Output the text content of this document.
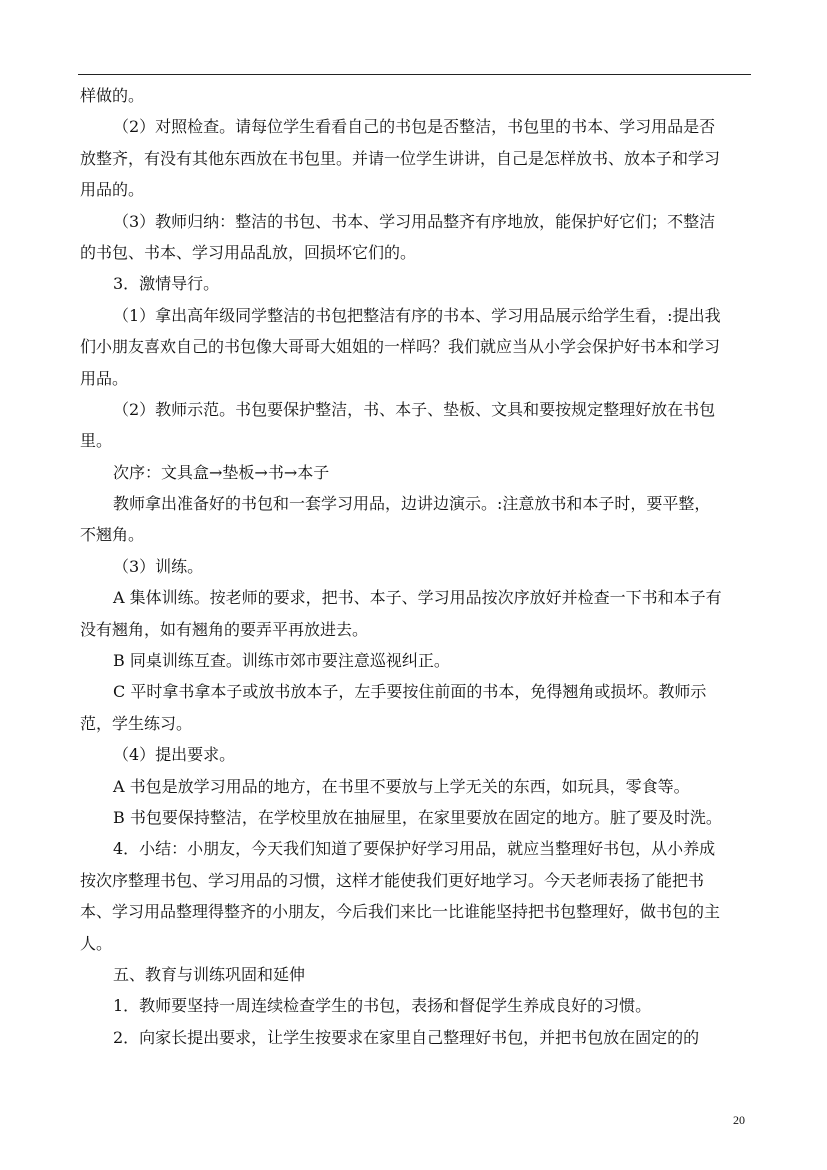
样做的。
（2）对照检查。请每位学生看看自己的书包是否整洁，书包里的书本、学习用品是否
放整齐，有没有其他东西放在书包里。并请一位学生讲讲，自己是怎样放书、放本子和学习
用品的。
（3）教师归纳：整洁的书包、书本、学习用品整齐有序地放，能保护好它们；不整洁
的书包、书本、学习用品乱放，回损坏它们的。
3．激情导行。
（1）拿出高年级同学整洁的书包把整洁有序的书本、学习用品展示给学生看，:提出我
们小朋友喜欢自己的书包像大哥哥大姐姐的一样吗？我们就应当从小学会保护好书本和学习
用品。
（2）教师示范。书包要保护整洁，书、本子、垫板、文具和要按规定整理好放在书包
里。
次序：文具盒→垫板→书→本子
教师拿出准备好的书包和一套学习用品，边讲边演示。:注意放书和本子时，要平整，
不翘角。
（3）训练。
A 集体训练。按老师的要求，把书、本子、学习用品按次序放好并检查一下书和本子有
没有翘角，如有翘角的要弄平再放进去。
B 同桌训练互查。训练市郊市要注意巡视纠正。
C 平时拿书拿本子或放书放本子，左手要按住前面的书本，免得翘角或损坏。教师示
范，学生练习。
（4）提出要求。
A 书包是放学习用品的地方，在书里不要放与上学无关的东西，如玩具，零食等。
B 书包要保持整洁，在学校里放在抽屉里，在家里要放在固定的地方。脏了要及时洗。
4．小结：小朋友，今天我们知道了要保护好学习用品，就应当整理好书包，从小养成
按次序整理书包、学习用品的习惯，这样才能使我们更好地学习。今天老师表扬了能把书
本、学习用品整理得整齐的小朋友，今后我们来比一比谁能坚持把书包整理好，做书包的主
人。
五、教育与训练巩固和延伸
1．教师要坚持一周连续检查学生的书包，表扬和督促学生养成良好的习惯。
2．向家长提出要求，让学生按要求在家里自己整理好书包，并把书包放在固定的的
20
